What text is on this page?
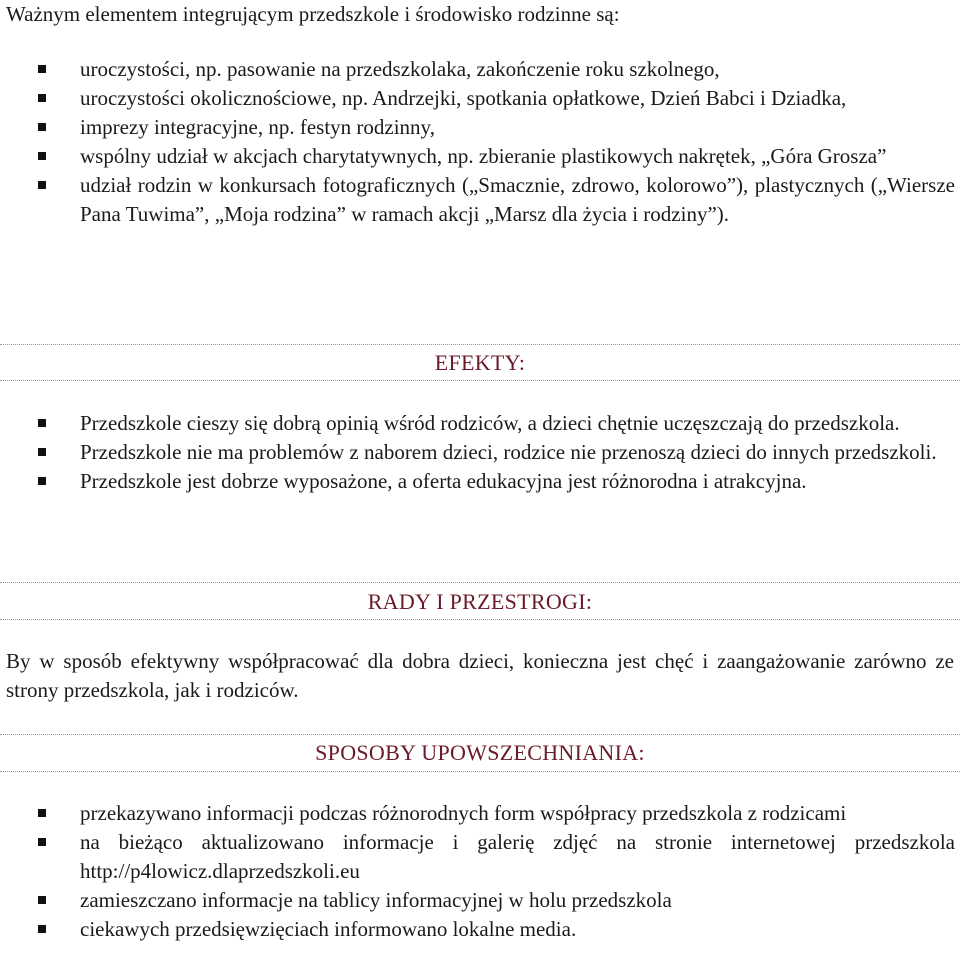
Ważnym elementem integrującym przedszkole i środowisko rodzinne są:
uroczystości, np. pasowanie na przedszkolaka, zakończenie roku szkolnego,
uroczystości okolicznościowe, np. Andrzejki, spotkania opłatkowe, Dzień Babci i Dziadka,
imprezy integracyjne, np. festyn rodzinny,
wspólny udział w akcjach charytatywnych, np. zbieranie plastikowych nakrętek, „Góra Grosza”
udział rodzin w konkursach fotograficznych („Smacznie, zdrowo, kolorowo”), plastycznych („Wiersze Pana Tuwima”, „Moja rodzina” w ramach akcji „Marsz dla życia i rodziny”).
EFEKTY:
Przedszkole cieszy się dobrą opinią wśród rodziców, a dzieci chętnie uczęszczają do przedszkola.
Przedszkole nie ma problemów z naborem dzieci, rodzice nie przenoszą dzieci do innych przedszkoli.
Przedszkole jest dobrze wyposażone, a oferta edukacyjna jest różnorodna i atrakcyjna.
RADY I PRZESTROGI:
By w sposób efektywny współpracować dla dobra dzieci, konieczna jest chęć i zaangażowanie zarówno ze strony przedszkola, jak i rodziców.
SPOSOBY UPOWSZECHNIANIA:
przekazywano informacji podczas różnorodnych form współpracy przedszkola z rodzicami
na bieżąco aktualizowano informacje i galerię zdjęć na stronie internetowej przedszkola http://p4lowicz.dlaprzedszkoli.eu
zamieszczano informacje na tablicy informacyjnej w holu przedszkola
ciekawych przedsięwzięciach informowano lokalne media.
